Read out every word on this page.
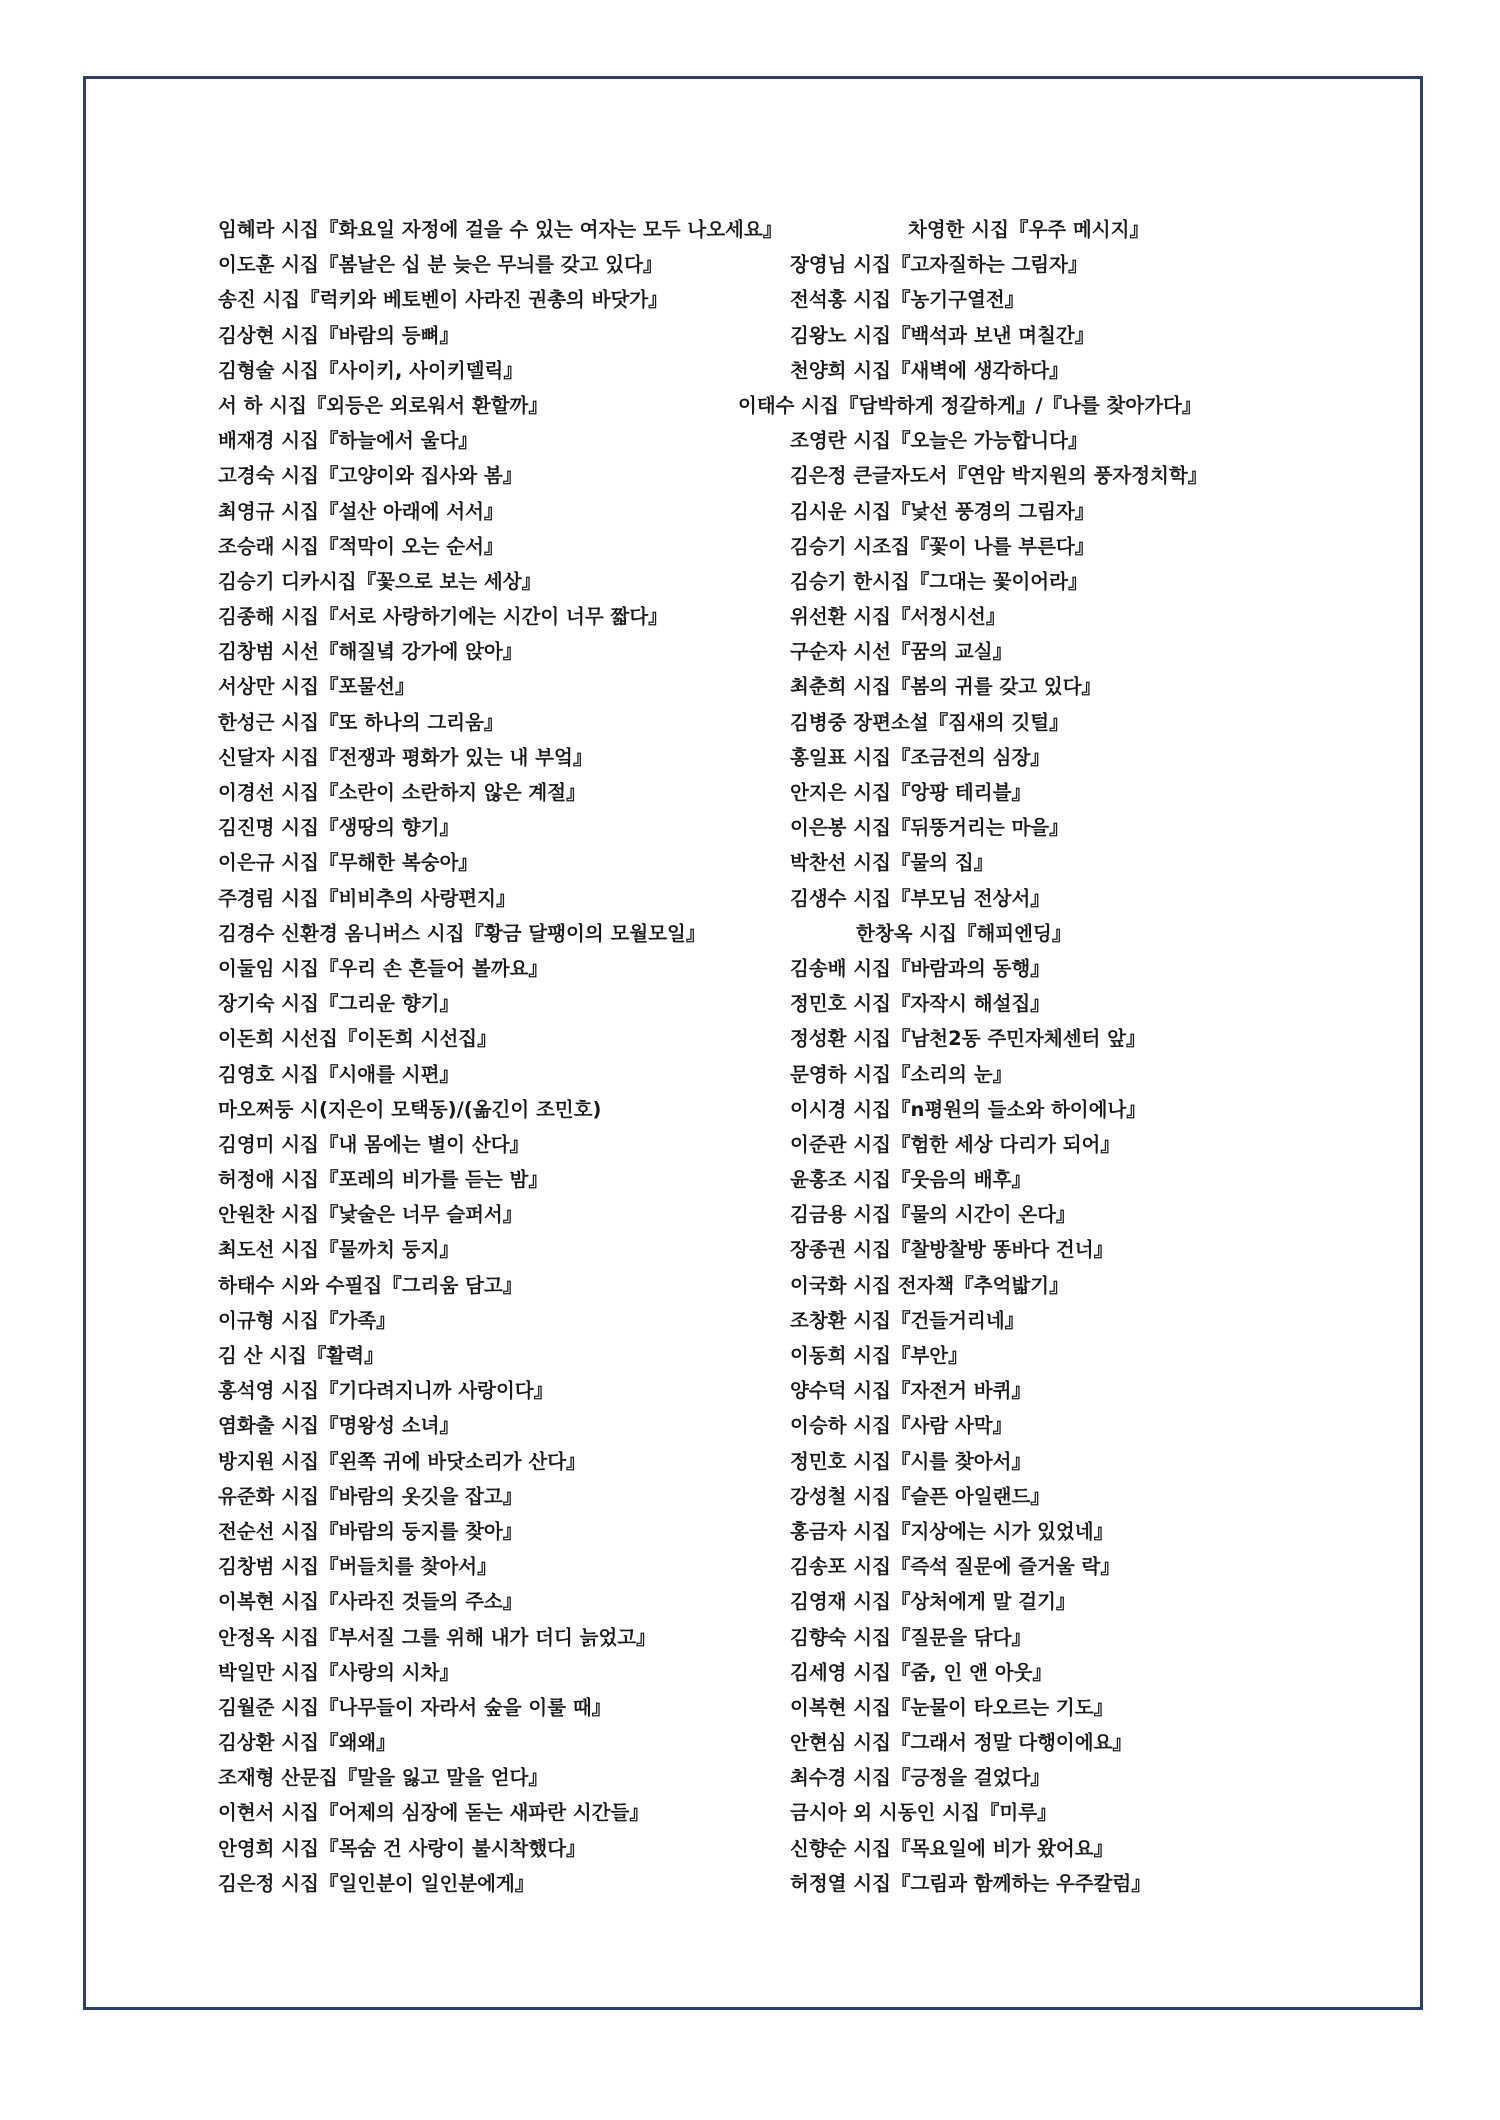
임혜라 시집『화요일 자정에 걸을 수 있는 여자는 모두 나오세요』	차영한 시집『우주 메시지』
이도훈 시집『봄날은 십 분 늦은 무늬를 갖고 있다』	장영님 시집『고자질하는 그림자』
송진 시집『럭키와 베토벤이 사라진 권총의 바닷가』	전석홍 시집『농기구열전』
김상현 시집『바람의 등뼈』	김왕노 시집『백석과 보낸 며칠간』
김형술 시집『사이키, 사이키델릭』	천양희 시집『새벽에 생각하다』
서 하 시집『외등은 외로워서 환할까』	이태수 시집『담박하게 정갈하게』/『나를 찾아가다』
배재경 시집『하늘에서 울다』	조영란 시집『오늘은 가능합니다』
고경숙 시집『고양이와 집사와 봄』	김은정 큰글자도서『연암 박지원의 풍자정치학』
최영규 시집『설산 아래에 서서』	김시운 시집『낯선 풍경의 그림자』
조승래 시집『적막이 오는 순서』	김승기 시조집『꽃이 나를 부른다』
김승기 디카시집『꽃으로 보는 세상』	김승기 한시집『그대는 꽃이어라』
김종해 시집『서로 사랑하기에는 시간이 너무 짧다』	위선환 시집『서정시선』
김창범 시선『해질녘 강가에 앉아』	구순자 시선『꿈의 교실』
서상만 시집『포물선』	최춘희 시집『봄의 귀를 갖고 있다』
한성근 시집『또 하나의 그리움』	김병중 장편소설『짐새의 깃털』
신달자 시집『전쟁과 평화가 있는 내 부엌』	홍일표 시집『조금전의 심장』
이경선 시집『소란이 소란하지 않은 계절』	안지은 시집『앙팡 테리블』
김진명 시집『생땅의 향기』	이은봉 시집『뒤뚱거리는 마을』
이은규 시집『무해한 복숭아』	박찬선 시집『물의 집』
주경림 시집『비비추의 사랑편지』	김생수 시집『부모님 전상서』
김경수 신환경 옴니버스 시집『황금 달팽이의 모월모일』	한창옥 시집『해피엔딩』
이둘임 시집『우리 손 흔들어 볼까요』	김송배 시집『바람과의 동행』
장기숙 시집『그리운 향기』	정민호 시집『자작시 해설집』
이돈희 시선집『이돈희 시선집』	정성환 시집『남천2동 주민자체센터 앞』
김영호 시집『시애를 시편』	문영하 시집『소리의 눈』
마오쩌둥 시(지은이 모택동)/(옮긴이 조민호)	이시경 시집『n평원의 들소와 하이에나』
김영미 시집『내 몸에는 별이 산다』	이준관 시집『험한 세상 다리가 되어』
허정애 시집『포레의 비가를 듣는 밤』	윤홍조 시집『웃음의 배후』
안원찬 시집『낯술은 너무 슬퍼서』	김금용 시집『물의 시간이 온다』
최도선 시집『물까치 둥지』	장종권 시집『찰방찰방 똥바다 건너』
하태수 시와 수필집『그리움 담고』	이국화 시집 전자책『추억밟기』
이규형 시집『가족』	조창환 시집『건들거리네』
김 산 시집『활력』	이동희 시집『부안』
홍석영 시집『기다려지니까 사랑이다』	양수덕 시집『자전거 바퀴』
염화출 시집『명왕성 소녀』	이승하 시집『사람 사막』
방지원 시집『왼쪽 귀에 바닷소리가 산다』	정민호 시집『시를 찾아서』
유준화 시집『바람의 옷깃을 잡고』	강성철 시집『슬픈 아일랜드』
전순선 시집『바람의 둥지를 찾아』	홍금자 시집『지상에는 시가 있었네』
김창범 시집『버들치를 찾아서』	김송포 시집『즉석 질문에 즐거울 락』
이복현 시집『사라진 것들의 주소』	김영재 시집『상처에게 말 걸기』
안정옥 시집『부서질 그를 위해 내가 더디 늙었고』	김향숙 시집『질문을 닦다』
박일만 시집『사랑의 시차』	김세영 시집『줌, 인 앤 아웃』
김월준 시집『나무들이 자라서 숲을 이룰 때』	이복현 시집『눈물이 타오르는 기도』
김상환 시집『왜왜』	안현심 시집『그래서 정말 다행이에요』
조재형 산문집『말을 잃고 말을 얻다』	최수경 시집『긍정을 걸었다』
이현서 시집『어제의 심장에 돋는 새파란 시간들』	금시아 외 시동인 시집『미루』
안영희 시집『목숨 건 사랑이 불시착했다』	신향순 시집『목요일에 비가 왔어요』
김은정 시집『일인분이 일인분에게』	허정열 시집『그림과 함께하는 우주칼럼』
